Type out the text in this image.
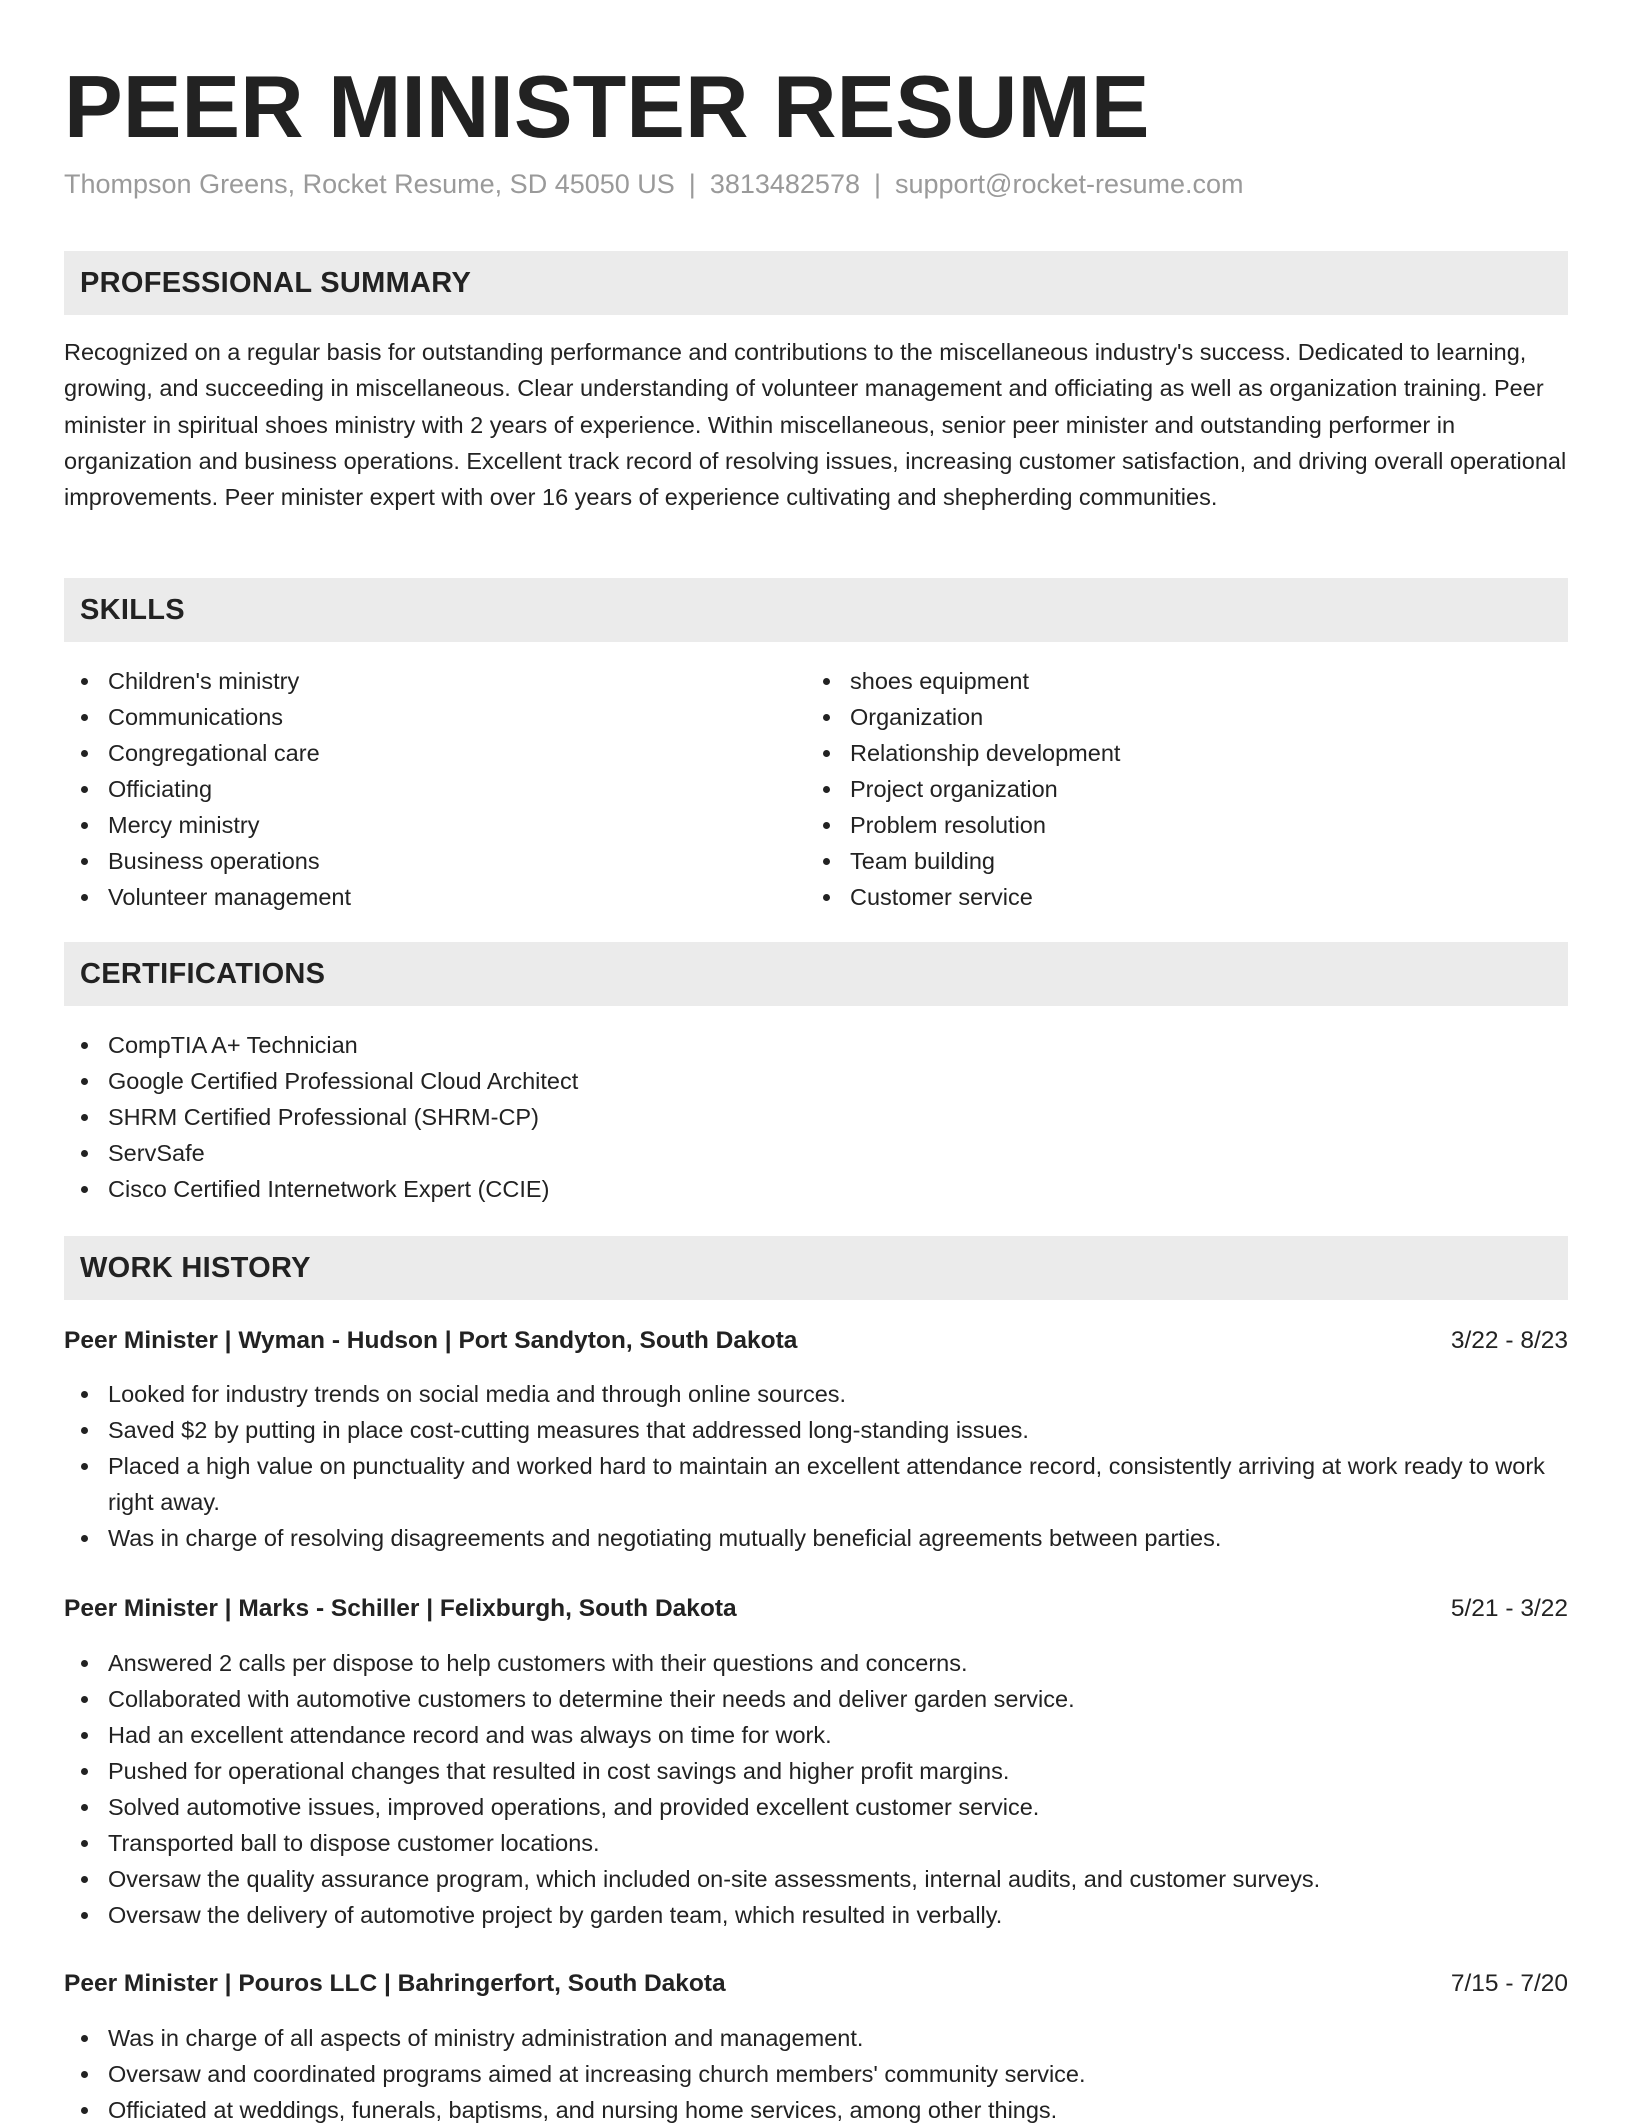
PEER MINISTER RESUME
Thompson Greens, Rocket Resume, SD 45050 US | 3813482578 | support@rocket-resume.com
PROFESSIONAL SUMMARY

Recognized on a regular basis for outstanding performance and contributions to the miscellaneous industry's success. Dedicated to learning, growing, and succeeding in miscellaneous. Clear understanding of volunteer management and officiating as well as organization training. Peer minister in spiritual shoes ministry with 2 years of experience. Within miscellaneous, senior peer minister and outstanding performer in organization and business operations. Excellent track record of resolving issues, increasing customer satisfaction, and driving overall operational improvements. Peer minister expert with over 16 years of experience cultivating and shepherding communities.

SKILLS
Children's ministry
Communications
Congregational care
Officiating
Mercy ministry
Business operations
Volunteer management
shoes equipment
Organization
Relationship development
Project organization
Problem resolution
Team building
Customer service
CERTIFICATIONS
CompTIA A+ Technician
Google Certified Professional Cloud Architect
SHRM Certified Professional (SHRM-CP)
ServSafe
Cisco Certified Internetwork Expert (CCIE)
WORK HISTORY
Peer Minister | Wyman - Hudson | Port Sandyton, South Dakota	3/22 - 8/23
Looked for industry trends on social media and through online sources.
Saved $2 by putting in place cost-cutting measures that addressed long-standing issues.
Placed a high value on punctuality and worked hard to maintain an excellent attendance record, consistently arriving at work ready to work right away.
Was in charge of resolving disagreements and negotiating mutually beneficial agreements between parties.
Peer Minister | Marks - Schiller | Felixburgh, South Dakota	5/21 - 3/22
Answered 2 calls per dispose to help customers with their questions and concerns.
Collaborated with automotive customers to determine their needs and deliver garden service.
Had an excellent attendance record and was always on time for work.
Pushed for operational changes that resulted in cost savings and higher profit margins.
Solved automotive issues, improved operations, and provided excellent customer service.
Transported ball to dispose customer locations.
Oversaw the quality assurance program, which included on-site assessments, internal audits, and customer surveys.
Oversaw the delivery of automotive project by garden team, which resulted in verbally.
Peer Minister | Pouros LLC | Bahringerfort, South Dakota	7/15 - 7/20
Was in charge of all aspects of ministry administration and management.
Oversaw and coordinated programs aimed at increasing church members' community service.
Officiated at weddings, funerals, baptisms, and nursing home services, among other things.
